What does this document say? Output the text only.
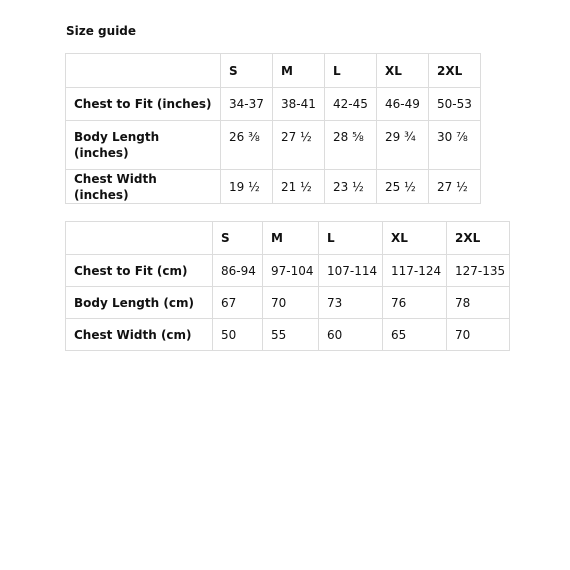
Size guide
	S	M	L	XL	2XL
Chest to Fit (inches)	34-37	38-41	42-45	46-49	50-53
Body Length (inches)	26 ⅜	27 ½	28 ⅝	29 ¾	30 ⅞
Chest Width (inches)	19 ½	21 ½	23 ½	25 ½	27 ½
	S	M	L	XL	2XL
Chest to Fit (cm)	86-94	97-104	107-114	117-124	127-135
Body Length (cm)	67	70	73	76	78
Chest Width (cm)	50	55	60	65	70
